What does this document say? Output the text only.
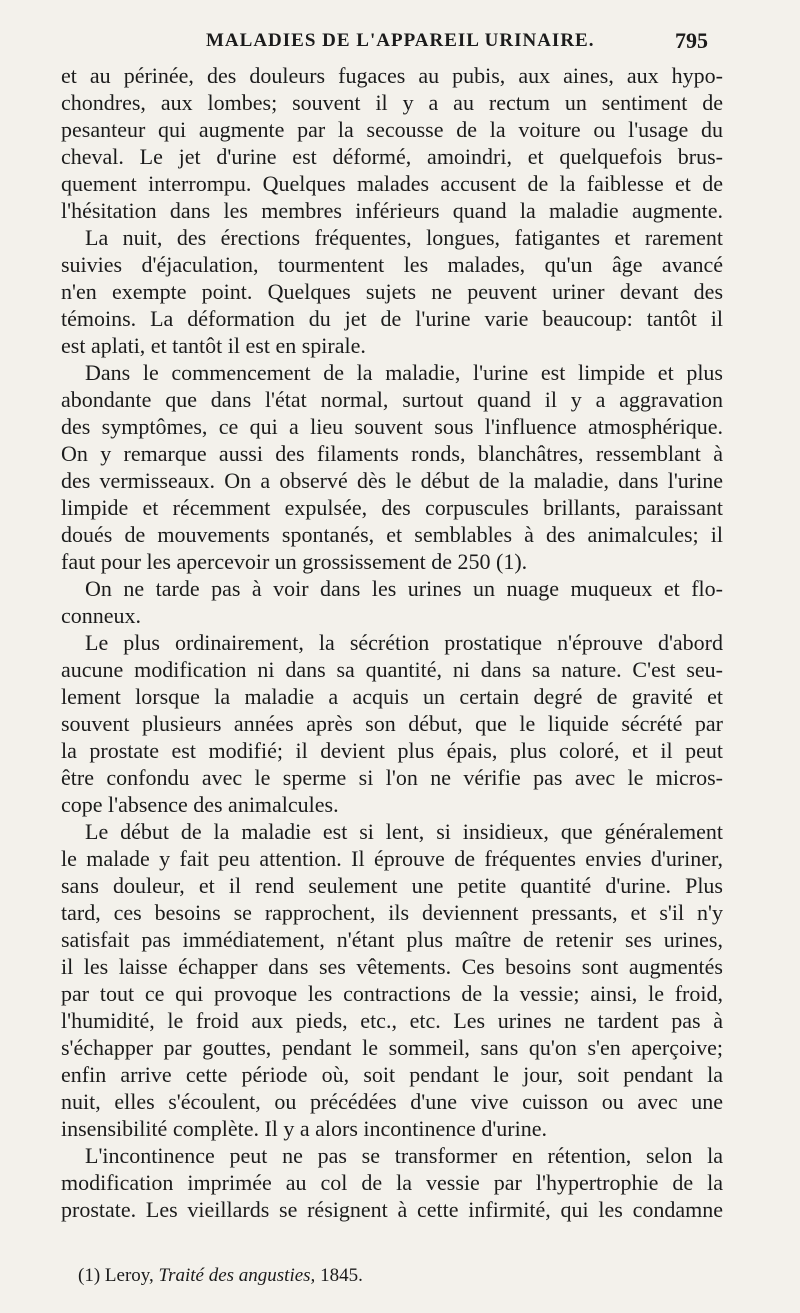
MALADIES DE L'APPAREIL URINAIRE.	795
et au périnée, des douleurs fugaces au pubis, aux aines, aux hypo-
chondres, aux lombes; souvent il y a au rectum un sentiment de
pesanteur qui augmente par la secousse de la voiture ou l'usage du
cheval. Le jet d'urine est déformé, amoindri, et quelquefois brus-
quement interrompu. Quelques malades accusent de la faiblesse et de
l'hésitation dans les membres inférieurs quand la maladie augmente.
La nuit, des érections fréquentes, longues, fatigantes et rarement
suivies d'éjaculation, tourmentent les malades, qu'un âge avancé
n'en exempte point. Quelques sujets ne peuvent uriner devant des
témoins. La déformation du jet de l'urine varie beaucoup: tantôt il
est aplati, et tantôt il est en spirale.
Dans le commencement de la maladie, l'urine est limpide et plus
abondante que dans l'état normal, surtout quand il y a aggravation
des symptômes, ce qui a lieu souvent sous l'influence atmosphérique.
On y remarque aussi des filaments ronds, blanchâtres, ressemblant à
des vermisseaux. On a observé dès le début de la maladie, dans l'urine
limpide et récemment expulsée, des corpuscules brillants, paraissant
doués de mouvements spontanés, et semblables à des animalcules; il
faut pour les apercevoir un grossissement de 250 (1).
On ne tarde pas à voir dans les urines un nuage muqueux et flo-
conneux.
Le plus ordinairement, la sécrétion prostatique n'éprouve d'abord
aucune modification ni dans sa quantité, ni dans sa nature. C'est seu-
lement lorsque la maladie a acquis un certain degré de gravité et
souvent plusieurs années après son début, que le liquide sécrété par
la prostate est modifié; il devient plus épais, plus coloré, et il peut
être confondu avec le sperme si l'on ne vérifie pas avec le micros-
cope l'absence des animalcules.
Le début de la maladie est si lent, si insidieux, que généralement
le malade y fait peu attention. Il éprouve de fréquentes envies d'uriner,
sans douleur, et il rend seulement une petite quantité d'urine. Plus
tard, ces besoins se rapprochent, ils deviennent pressants, et s'il n'y
satisfait pas immédiatement, n'étant plus maître de retenir ses urines,
il les laisse échapper dans ses vêtements. Ces besoins sont augmentés
par tout ce qui provoque les contractions de la vessie; ainsi, le froid,
l'humidité, le froid aux pieds, etc., etc. Les urines ne tardent pas à
s'échapper par gouttes, pendant le sommeil, sans qu'on s'en aperçoive;
enfin arrive cette période où, soit pendant le jour, soit pendant la
nuit, elles s'écoulent, ou précédées d'une vive cuisson ou avec une
insensibilité complète. Il y a alors incontinence d'urine.
L'incontinence peut ne pas se transformer en rétention, selon la
modification imprimée au col de la vessie par l'hypertrophie de la
prostate. Les vieillards se résignent à cette infirmité, qui les condamne
(1) Leroy, Traité des angusties, 1845.
